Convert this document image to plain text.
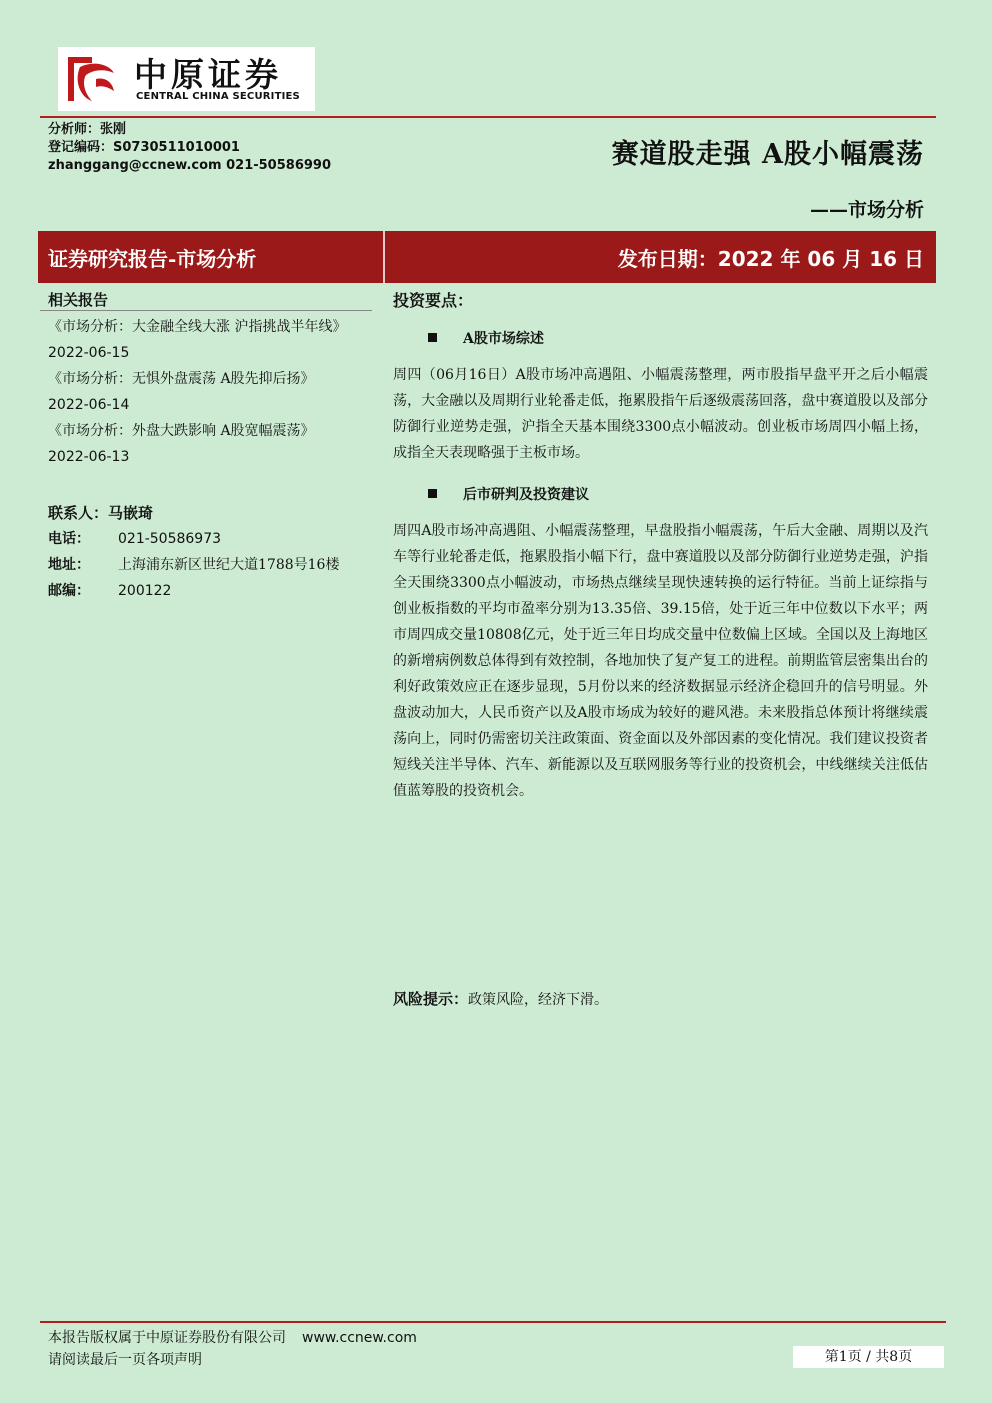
中原证券
CENTRAL CHINA SECURITIES
分析师：张刚
登记编码：S0730511010001
zhanggang@ccnew.com 021-50586990	赛道股走强 A股小幅震荡
——市场分析
证券研究报告-市场分析	发布日期：2022 年 06 月 16 日
相关报告
《市场分析：大金融全线大涨 沪指挑战半年线》
2022-06-15
《市场分析：无惧外盘震荡 A股先抑后扬》
2022-06-14
《市场分析：外盘大跌影响 A股宽幅震荡》
2022-06-13
联系人：马嵌琦
电话：	021-50586973
地址：	上海浦东新区世纪大道1788号16楼
邮编：	200122
投资要点：
A股市场综述
周四（06月16日）A股市场冲高遇阻、小幅震荡整理，两市股指早盘平开之后小幅震荡，大金融以及周期行业轮番走低，拖累股指午后逐级震荡回落，盘中赛道股以及部分防御行业逆势走强，沪指全天基本围绕3300点小幅波动。创业板市场周四小幅上扬，成指全天表现略强于主板市场。
后市研判及投资建议
周四A股市场冲高遇阻、小幅震荡整理，早盘股指小幅震荡，午后大金融、周期以及汽车等行业轮番走低，拖累股指小幅下行，盘中赛道股以及部分防御行业逆势走强，沪指全天围绕3300点小幅波动，市场热点继续呈现快速转换的运行特征。当前上证综指与创业板指数的平均市盈率分别为13.35倍、39.15倍，处于近三年中位数以下水平；两市周四成交量10808亿元，处于近三年日均成交量中位数偏上区域。全国以及上海地区的新增病例数总体得到有效控制，各地加快了复产复工的进程。前期监管层密集出台的利好政策效应正在逐步显现，5月份以来的经济数据显示经济企稳回升的信号明显。外盘波动加大，人民币资产以及A股市场成为较好的避风港。未来股指总体预计将继续震荡向上，同时仍需密切关注政策面、资金面以及外部因素的变化情况。我们建议投资者短线关注半导体、汽车、新能源以及互联网服务等行业的投资机会，中线继续关注低估值蓝筹股的投资机会。
风险提示：政策风险，经济下滑。
本报告版权属于中原证券股份有限公司 www.ccnew.com
请阅读最后一页各项声明	第1页 / 共8页
